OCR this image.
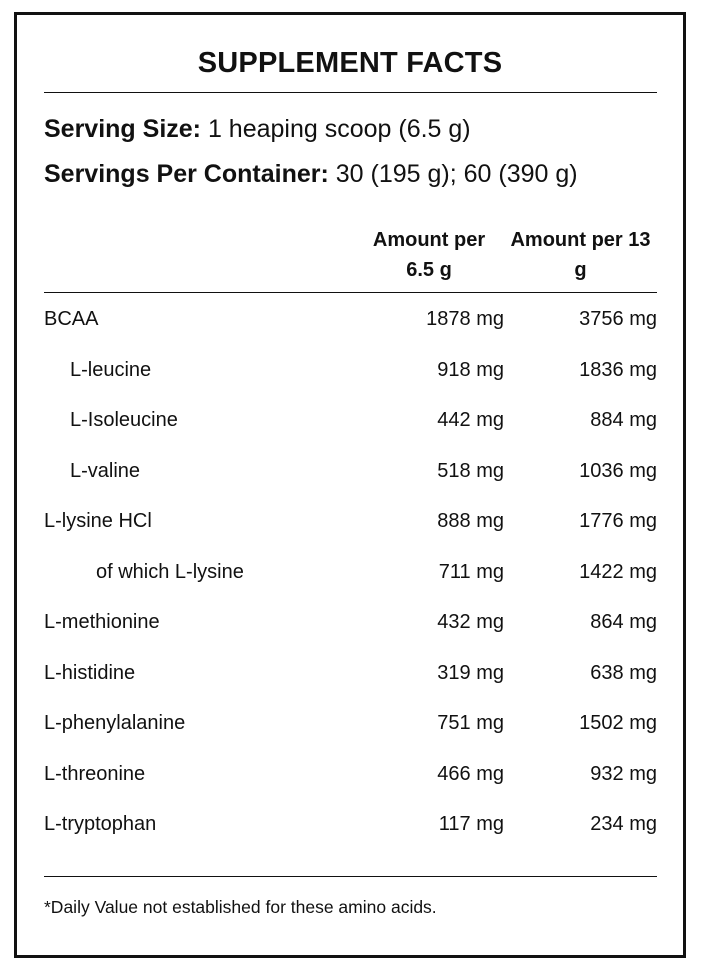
SUPPLEMENT FACTS
Serving Size: 1 heaping scoop (6.5 g)
Servings Per Container: 30 (195 g); 60 (390 g)
Amount per 6.5 g
Amount per 13 g
BCAA	1878 mg	3756 mg
L-leucine	918 mg	1836 mg
L-Isoleucine	442 mg	884 mg
L-valine	518 mg	1036 mg
L-lysine HCl	888 mg	1776 mg
of which L-lysine	711 mg	1422 mg
L-methionine	432 mg	864 mg
L-histidine	319 mg	638 mg
L-phenylalanine	751 mg	1502 mg
L-threonine	466 mg	932 mg
L-tryptophan	117 mg	234 mg
*Daily Value not established for these amino acids.
